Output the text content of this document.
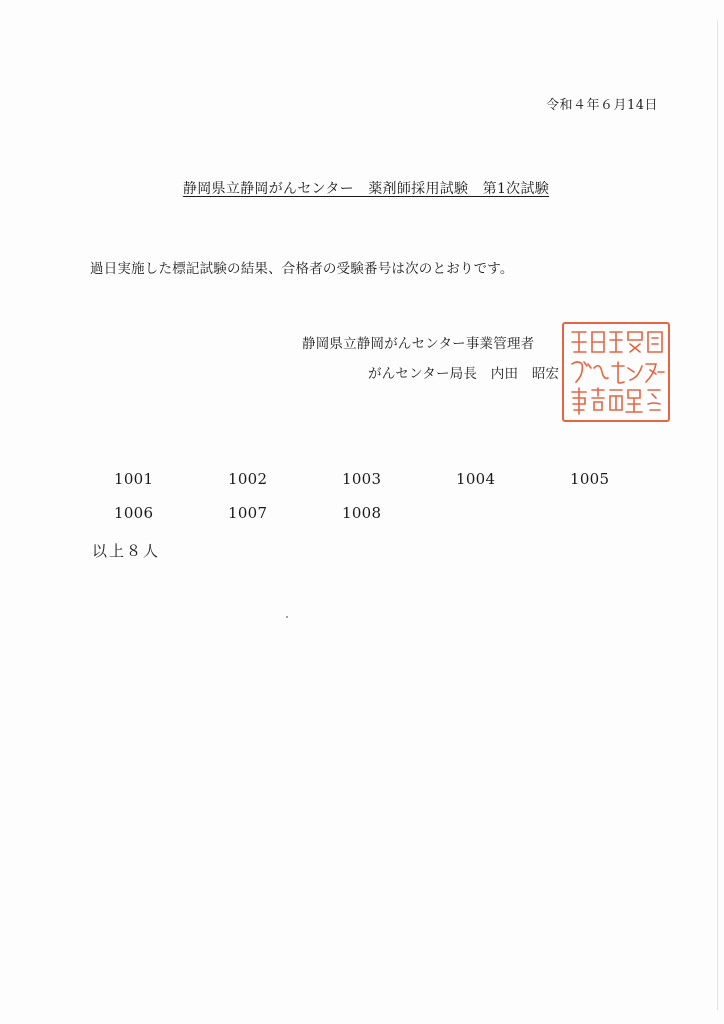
令和４年６月14日
静岡県立静岡がんセンター　薬剤師採用試験　第1次試験
過日実施した標記試験の結果、合格者の受験番号は次のとおりです。
静岡県立静岡がんセンター事業管理者
がんセンター局長　内田　昭宏
1001	1002	1003	1004	1005
1006	1007	1008
以上８人
